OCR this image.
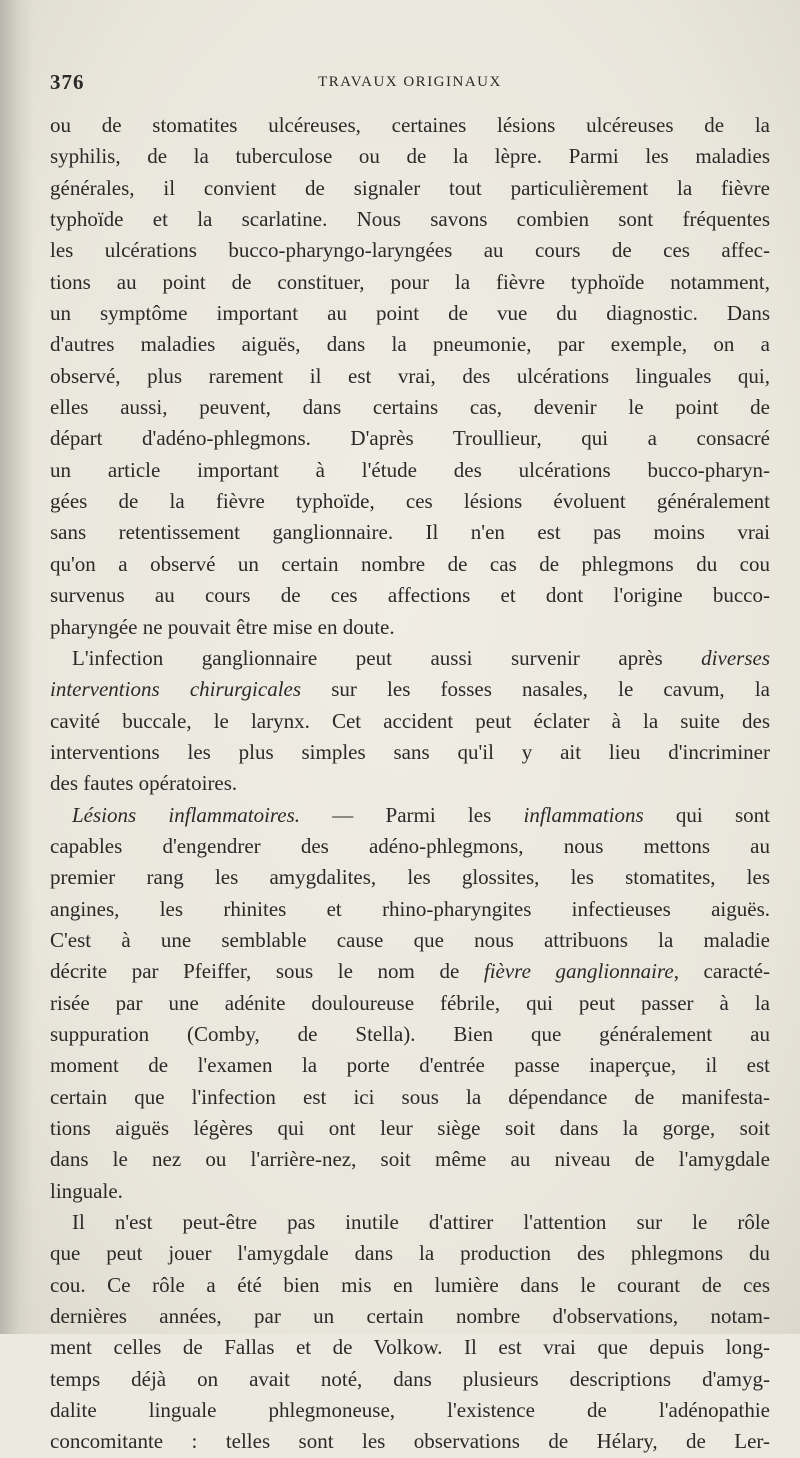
376	TRAVAUX ORIGINAUX
ou de stomatites ulcéreuses, certaines lésions ulcéreuses de la
syphilis, de la tuberculose ou de la lèpre. Parmi les maladies
générales, il convient de signaler tout particulièrement la fièvre
typhoïde et la scarlatine. Nous savons combien sont fréquentes
les ulcérations bucco-pharyngo-laryngées au cours de ces affec-
tions au point de constituer, pour la fièvre typhoïde notamment,
un symptôme important au point de vue du diagnostic. Dans
d'autres maladies aiguës, dans la pneumonie, par exemple, on a
observé, plus rarement il est vrai, des ulcérations linguales qui,
elles aussi, peuvent, dans certains cas, devenir le point de
départ d'adéno-phlegmons. D'après Troullieur, qui a consacré
un article important à l'étude des ulcérations bucco-pharyn-
gées de la fièvre typhoïde, ces lésions évoluent généralement
sans retentissement ganglionnaire. Il n'en est pas moins vrai
qu'on a observé un certain nombre de cas de phlegmons du cou
survenus au cours de ces affections et dont l'origine bucco-
pharyngée ne pouvait être mise en doute.
L'infection ganglionnaire peut aussi survenir après diverses
interventions chirurgicales sur les fosses nasales, le cavum, la
cavité buccale, le larynx. Cet accident peut éclater à la suite des
interventions les plus simples sans qu'il y ait lieu d'incriminer
des fautes opératoires.
Lésions inflammatoires. — Parmi les inflammations qui sont
capables d'engendrer des adéno-phlegmons, nous mettons au
premier rang les amygdalites, les glossites, les stomatites, les
angines, les rhinites et rhino-pharyngites infectieuses aiguës.
C'est à une semblable cause que nous attribuons la maladie
décrite par Pfeiffer, sous le nom de fièvre ganglionnaire, caracté-
risée par une adénite douloureuse fébrile, qui peut passer à la
suppuration (Comby, de Stella). Bien que généralement au
moment de l'examen la porte d'entrée passe inaperçue, il est
certain que l'infection est ici sous la dépendance de manifesta-
tions aiguës légères qui ont leur siège soit dans la gorge, soit
dans le nez ou l'arrière-nez, soit même au niveau de l'amygdale
linguale.
Il n'est peut-être pas inutile d'attirer l'attention sur le rôle
que peut jouer l'amygdale dans la production des phlegmons du
cou. Ce rôle a été bien mis en lumière dans le courant de ces
dernières années, par un certain nombre d'observations, notam-
ment celles de Fallas et de Volkow. Il est vrai que depuis long-
temps déjà on avait noté, dans plusieurs descriptions d'amyg-
dalite linguale phlegmoneuse, l'existence de l'adénopathie
concomitante : telles sont les observations de Hélary, de Ler-
